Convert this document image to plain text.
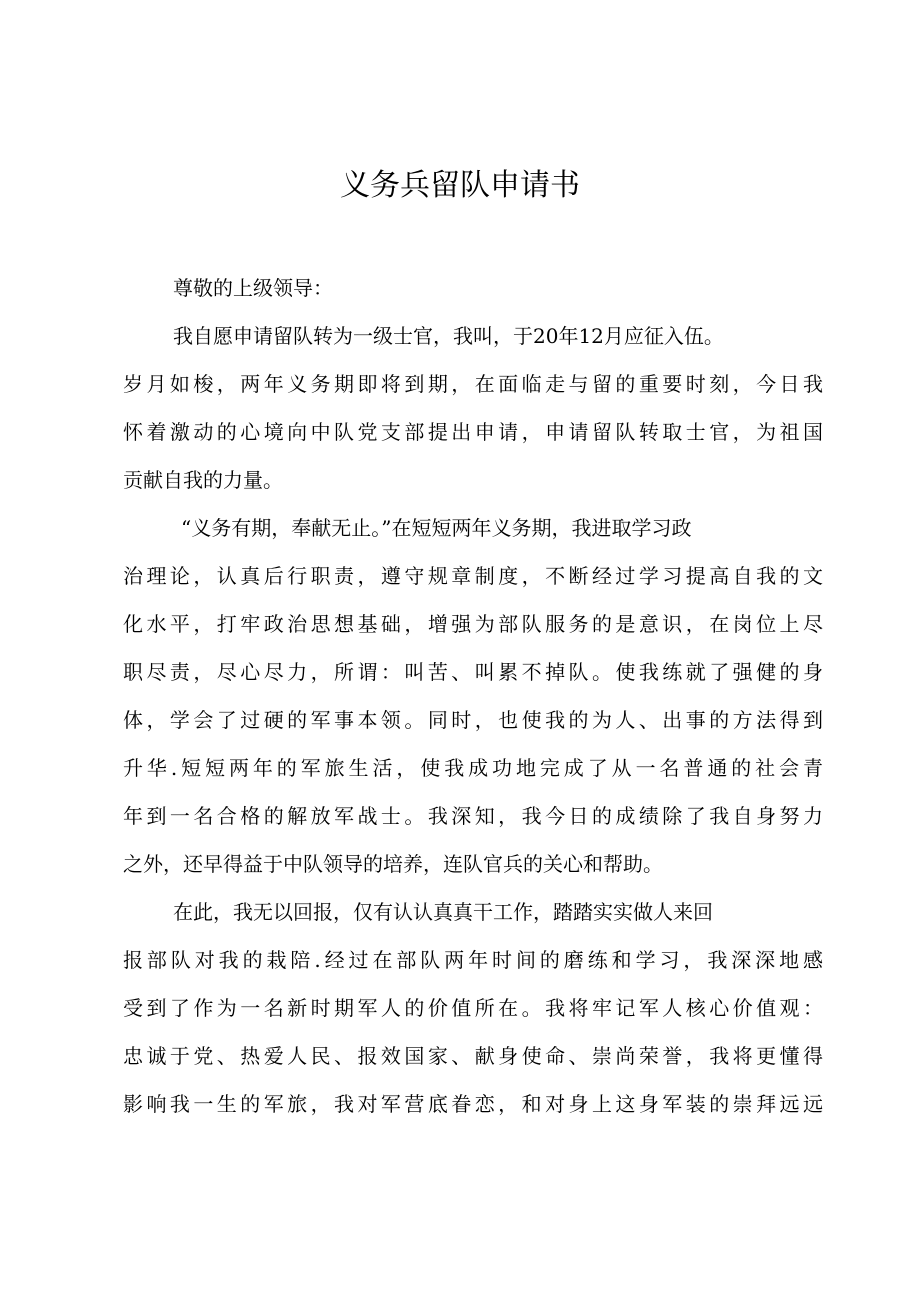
义务兵留队申请书

尊敬的上级领导：

我自愿申请留队转为一级士官，我叫，于20年12月应征入伍。
岁月如梭，两年义务期即将到期，在面临走与留的重要时刻，今日我
怀着激动的心境向中队党支部提出申请，申请留队转取士官，为祖国
贡献自我的力量。

“义务有期，奉献无止。”在短短两年义务期，我进取学习政
治理论，认真后行职责，遵守规章制度，不断经过学习提高自我的文
化水平，打牢政治思想基础，增强为部队服务的是意识，在岗位上尽
职尽责，尽心尽力，所谓：叫苦、叫累不掉队。使我练就了强健的身
体，学会了过硬的军事本领。同时，也使我的为人、出事的方法得到
升华.短短两年的军旅生活，使我成功地完成了从一名普通的社会青
年到一名合格的解放军战士。我深知，我今日的成绩除了我自身努力
之外，还早得益于中队领导的培养，连队官兵的关心和帮助。

在此，我无以回报，仅有认认真真干工作，踏踏实实做人来回
报部队对我的栽陪.经过在部队两年时间的磨练和学习，我深深地感
受到了作为一名新时期军人的价值所在。我将牢记军人核心价值观：
忠诚于党、热爱人民、报效国家、献身使命、崇尚荣誉，我将更懂得
影响我一生的军旅，我对军营底眷恋，和对身上这身军装的崇拜远远
